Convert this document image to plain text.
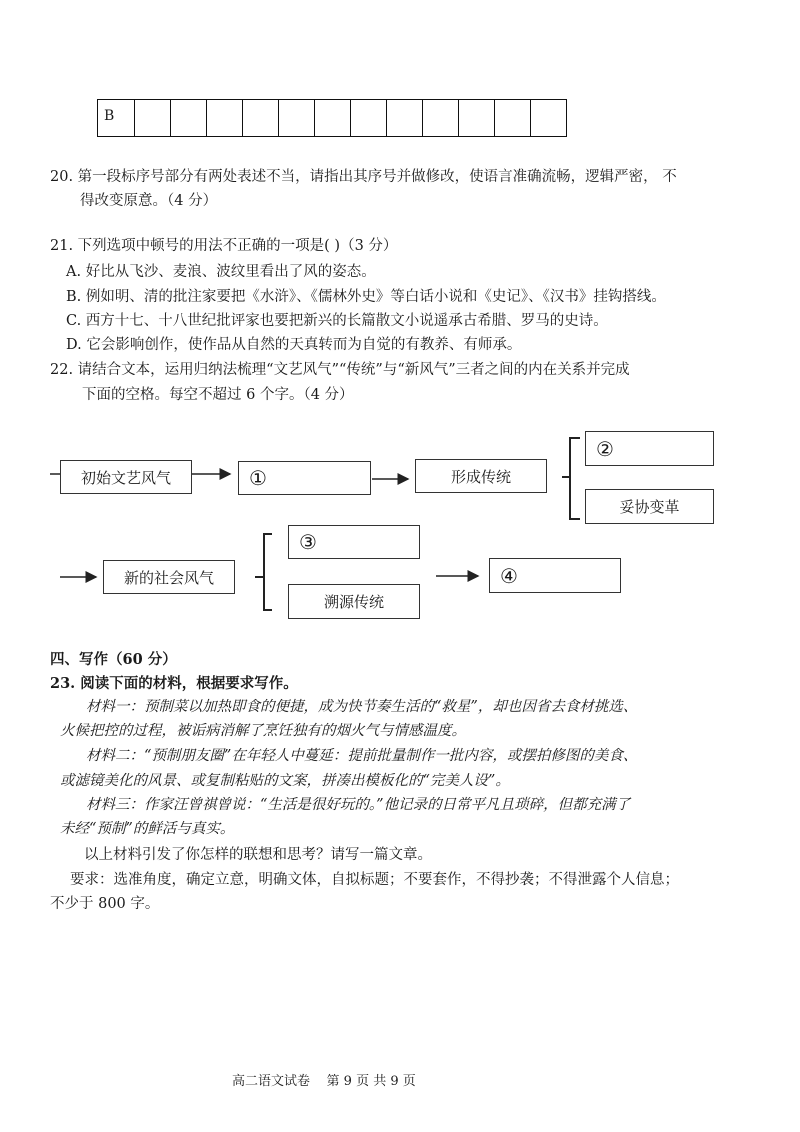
B
20. 第一段标序号部分有两处表述不当，请指出其序号并做修改，使语言准确流畅，逻辑严密， 不
得改变原意。（4 分）
21. 下列选项中顿号的用法不正确的一项是( )（3 分）
A. 好比从飞沙、麦浪、波纹里看出了风的姿态。
B. 例如明、清的批注家要把《水浒》、《儒林外史》等白话小说和《史记》、《汉书》挂钩搭线。
C. 西方十七、十八世纪批评家也要把新兴的长篇散文小说遥承古希腊、罗马的史诗。
D. 它会影响创作，使作品从自然的天真转而为自觉的有教养、有师承。
22. 请结合文本，运用归纳法梳理“文艺风气”“传统”与“新风气”三者之间的内在关系并完成
下面的空格。每空不超过 6 个字。（4 分）
初始文艺风气	①	形成传统
②
妥协变革
新的社会风气
③
溯源传统
④
四、写作（60 分）
23. 阅读下面的材料，根据要求写作。
材料一：预制菜以加热即食的便捷，成为快节奏生活的“救星”，却也因省去食材挑选、
火候把控的过程，被诟病消解了烹饪独有的烟火气与情感温度。
材料二：“预制朋友圈”在年轻人中蔓延：提前批量制作一批内容，或摆拍修图的美食、
或滤镜美化的风景、或复制粘贴的文案，拼凑出模板化的“完美人设”。
材料三：作家汪曾祺曾说：“生活是很好玩的。”他记录的日常平凡且琐碎，但都充满了
未经“预制”的鲜活与真实。
以上材料引发了你怎样的联想和思考？请写一篇文章。
要求：选准角度，确定立意，明确文体，自拟标题；不要套作，不得抄袭；不得泄露个人信息；
不少于 800 字。
高二语文试卷    第 9 页 共 9 页
